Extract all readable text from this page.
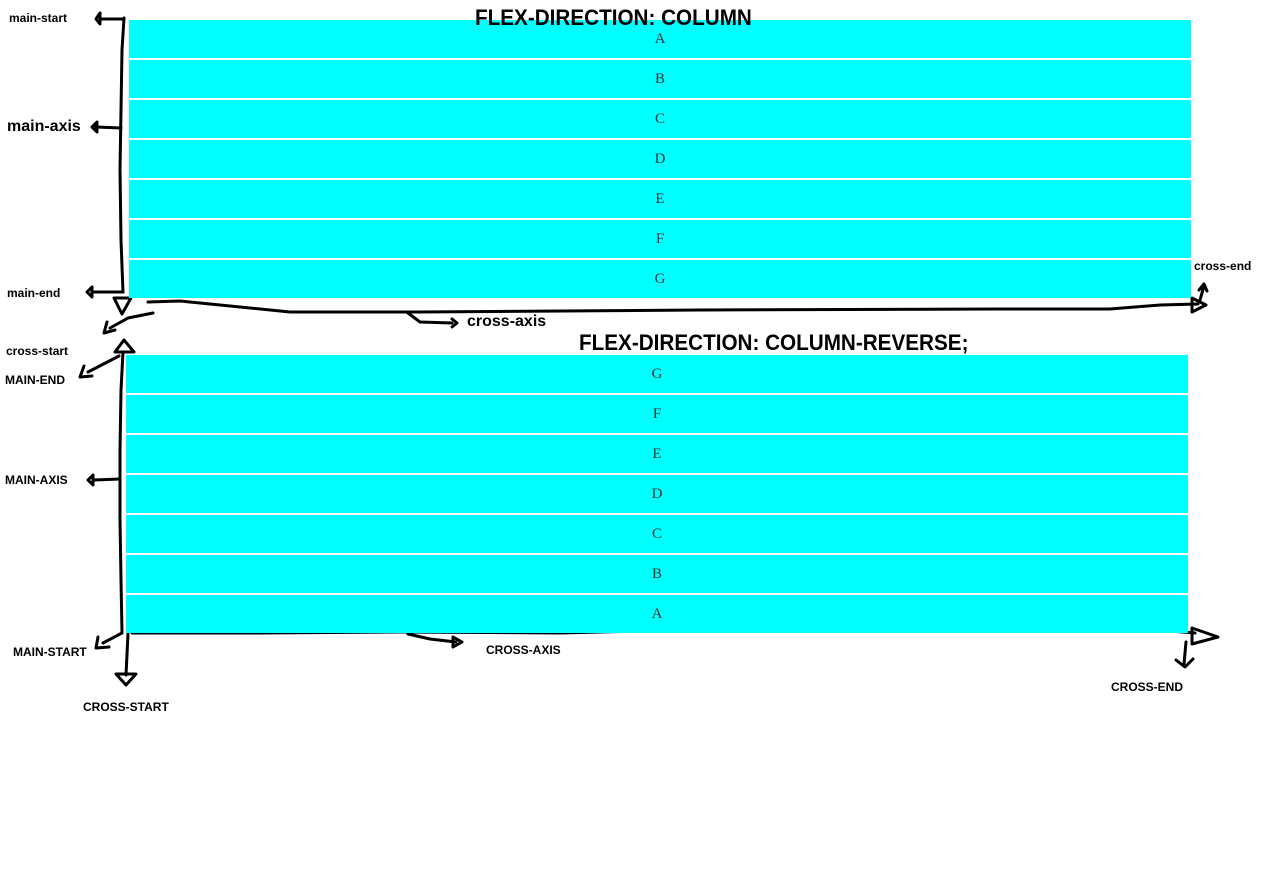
FLEX-DIRECTION: COLUMN
FLEX-DIRECTION: COLUMN-REVERSE;
A
B
C
D
E
F
G
G
F
E
D
C
B
A
main-start
main-axis
main-end
cross-start
cross-axis
cross-end
MAIN-END
MAIN-AXIS
MAIN-START
CROSS-START
CROSS-AXIS
CROSS-END
